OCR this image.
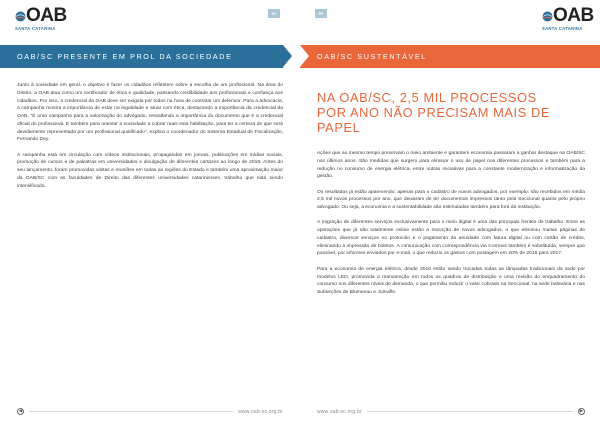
OAB
SANTA CATARINA
64
OAB/SC PRESENTE EM PROL DA SOCIEDADE

Junto à sociedade em geral, o objetivo é fazer os cidadãos refletirem sobre a escolha de um profissional. Na área do Direito, a OAB atua como um certificador de ética e qualidade, passando credibilidade aos profissionais e confiança aos cidadãos. Por isso, a credencial da OAB deve ser exigida por todos na hora de contratar um defensor. Para a advocacia, a campanha mostra a importância de estar na legalidade e atuar com ética, destacando a importância da credencial da OAB. “É uma campanha para a valorização do advogado, ressaltando a importância do documento que é a credencial oficial do profissional. E também para orientar a sociedade a cobrar mais esta habilitação, para ter a certeza de que será devidamente representada por um profissional qualificado”, explica o coordenador do Sistema Estadual de Fiscalização, Fernando Dey.

A campanha está em circulação com vídeos institucionais, propagandas em jornais, publicações em mídias sociais, promoção de cursos e de palestras em universidades e divulgação de diferentes cartazes ao longo de 2018. Antes do seu lançamento, foram promovidas visitas e reuniões em todas as regiões do Estado e também uma aproximação maior da OAB/SC com as faculdades de Direito das diferentes universidades catarinenses, trabalho que está sendo intensificado.

◀	www.oab-sc.org.br
OAB
SANTA CATARINA
65
OAB/SC SUSTENTÁVEL
NA OAB/SC, 2,5 MIL PROCESSOS POR ANO NÃO PRECISAM MAIS DE PAPEL

Ações que ao mesmo tempo preservam o meio ambiente e garantem economia passaram a ganhar destaque na OAB/SC nos últimos anos. São medidas que surgem para eliminar o uso de papel nos diferentes processos e também para a redução no consumo de energia elétrica, entre outras iniciativas para a constante modernização e informatização da gestão.

Os resultados já estão aparecendo: apenas para o cadastro de novos advogados, por exemplo, são recebidos em média 2,5 mil novos processos por ano, que deixaram de ter documentos impressos tanto pela Seccional quanto pelo próprio advogado. Ou seja, a economia e a sustentabilidade são estimuladas também para fora da instituição.

A migração de diferentes serviços exclusivamente para o meio digital é uma das principais frentes de trabalho. Entre as operações que já são totalmente online estão a inscrição de novos advogados, o que eliminou muitas páginas de cadastro, diversos serviços no protocolo e o pagamento da anuidade com fatura digital ou com cartão de crédito, eliminando a impressão de boletos. A comunicação com correspondência via Correios também é substituída, sempre que possível, por informes enviados por e-mail, o que reduziu os gastos com postagem em 20% de 2016 para 2017.

Para a economia de energia elétrica, desde 2016 estão sendo trocadas todas as lâmpadas tradicionais da sede por modelos LED, promovida a manutenção em todos os quadros de distribuição e uma revisão do enquadramento do consumo nos diferentes níveis de demanda, o que permitiu reduzir o valor cobrado na Seccional, na sede balneária e nas Subseções de Blumenau e Joinville.

www.oab-sc.org.br	▶
